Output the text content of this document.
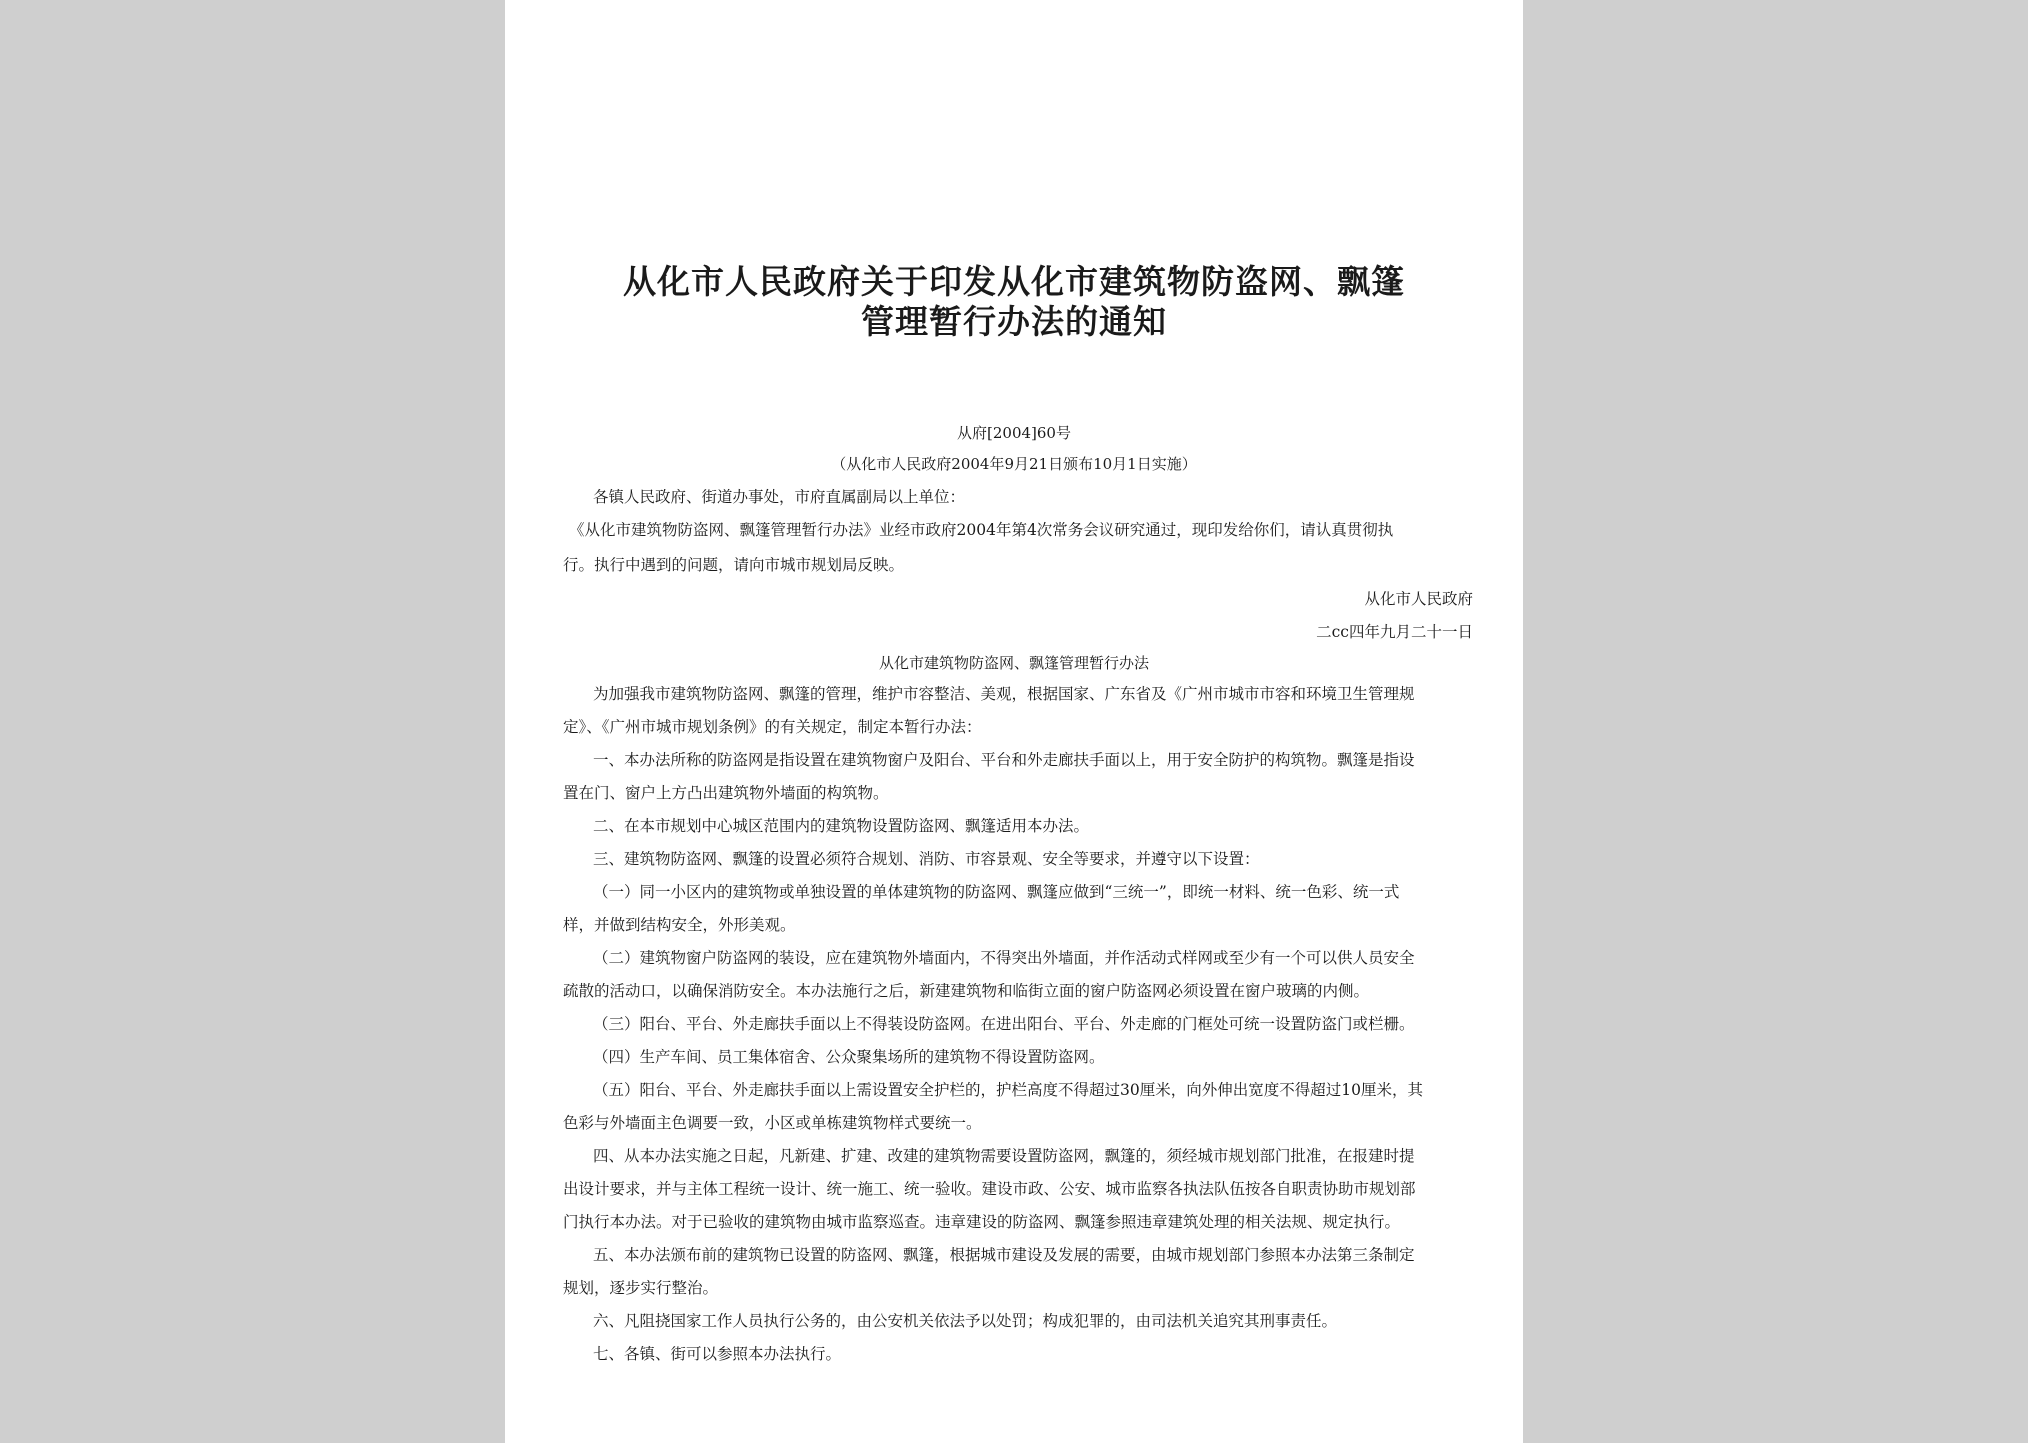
从化市人民政府关于印发从化市建筑物防盗网、飘篷
管理暂行办法的通知
从府[2004]60号
（从化市人民政府2004年9月21日颁布10月1日实施）
各镇人民政府、街道办事处，市府直属副局以上单位：
《从化市建筑物防盗网、飘篷管理暂行办法》业经市政府2004年第4次常务会议研究通过，现印发给你们，请认真贯彻执
行。执行中遇到的问题，请向市城市规划局反映。
从化市人民政府
二cc四年九月二十一日
从化市建筑物防盗网、飘篷管理暂行办法
为加强我市建筑物防盗网、飘篷的管理，维护市容整洁、美观，根据国家、广东省及《广州市城市市容和环境卫生管理规
定》、《广州市城市规划条例》的有关规定，制定本暂行办法：
一、本办法所称的防盗网是指设置在建筑物窗户及阳台、平台和外走廊扶手面以上，用于安全防护的构筑物。飘篷是指设
置在门、窗户上方凸出建筑物外墙面的构筑物。
二、在本市规划中心城区范围内的建筑物设置防盗网、飘篷适用本办法。
三、建筑物防盗网、飘篷的设置必须符合规划、消防、市容景观、安全等要求，并遵守以下设置：
（一）同一小区内的建筑物或单独设置的单体建筑物的防盗网、飘篷应做到“三统一”，即统一材料、统一色彩、统一式
样，并做到结构安全，外形美观。
（二）建筑物窗户防盗网的装设，应在建筑物外墙面内，不得突出外墙面，并作活动式样网或至少有一个可以供人员安全
疏散的活动口，以确保消防安全。本办法施行之后，新建建筑物和临街立面的窗户防盗网必须设置在窗户玻璃的内侧。
（三）阳台、平台、外走廊扶手面以上不得装设防盗网。在进出阳台、平台、外走廊的门框处可统一设置防盗门或栏栅。
（四）生产车间、员工集体宿舍、公众聚集场所的建筑物不得设置防盗网。
（五）阳台、平台、外走廊扶手面以上需设置安全护栏的，护栏高度不得超过30厘米，向外伸出宽度不得超过10厘米，其
色彩与外墙面主色调要一致，小区或单栋建筑物样式要统一。
四、从本办法实施之日起，凡新建、扩建、改建的建筑物需要设置防盗网，飘篷的，须经城市规划部门批准，在报建时提
出设计要求，并与主体工程统一设计、统一施工、统一验收。建设市政、公安、城市监察各执法队伍按各自职责协助市规划部
门执行本办法。对于已验收的建筑物由城市监察巡查。违章建设的防盗网、飘篷参照违章建筑处理的相关法规、规定执行。
五、本办法颁布前的建筑物已设置的防盗网、飘篷，根据城市建设及发展的需要，由城市规划部门参照本办法第三条制定
规划，逐步实行整治。
六、凡阻挠国家工作人员执行公务的，由公安机关依法予以处罚；构成犯罪的，由司法机关追究其刑事责任。
七、各镇、街可以参照本办法执行。
